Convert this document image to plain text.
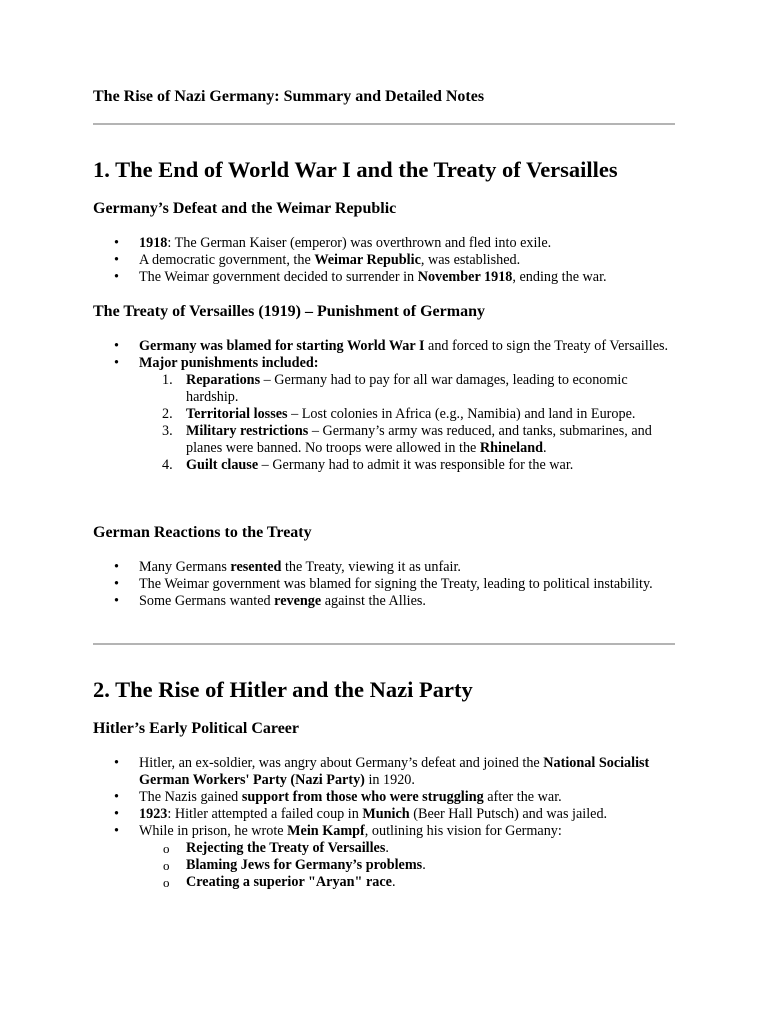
The Rise of Nazi Germany: Summary and Detailed Notes

1. The End of World War I and the Treaty of Versailles
Germany’s Defeat and the Weimar Republic
• 1918: The German Kaiser (emperor) was overthrown and fled into exile.
• A democratic government, the Weimar Republic, was established.
• The Weimar government decided to surrender in November 1918, ending the war.
The Treaty of Versailles (1919) – Punishment of Germany
• Germany was blamed for starting World War I and forced to sign the Treaty of Versailles.
• Major punishments included:
1. Reparations – Germany had to pay for all war damages, leading to economic hardship.
2. Territorial losses – Lost colonies in Africa (e.g., Namibia) and land in Europe.
3. Military restrictions – Germany’s army was reduced, and tanks, submarines, and planes were banned. No troops were allowed in the Rhineland.
4. Guilt clause – Germany had to admit it was responsible for the war.
German Reactions to the Treaty
• Many Germans resented the Treaty, viewing it as unfair.
• The Weimar government was blamed for signing the Treaty, leading to political instability.
• Some Germans wanted revenge against the Allies.
2. The Rise of Hitler and the Nazi Party
Hitler’s Early Political Career
• Hitler, an ex-soldier, was angry about Germany’s defeat and joined the National Socialist German Workers' Party (Nazi Party) in 1920.
• The Nazis gained support from those who were struggling after the war.
• 1923: Hitler attempted a failed coup in Munich (Beer Hall Putsch) and was jailed.
• While in prison, he wrote Mein Kampf, outlining his vision for Germany:
o Rejecting the Treaty of Versailles.
o Blaming Jews for Germany’s problems.
o Creating a superior "Aryan" race.
